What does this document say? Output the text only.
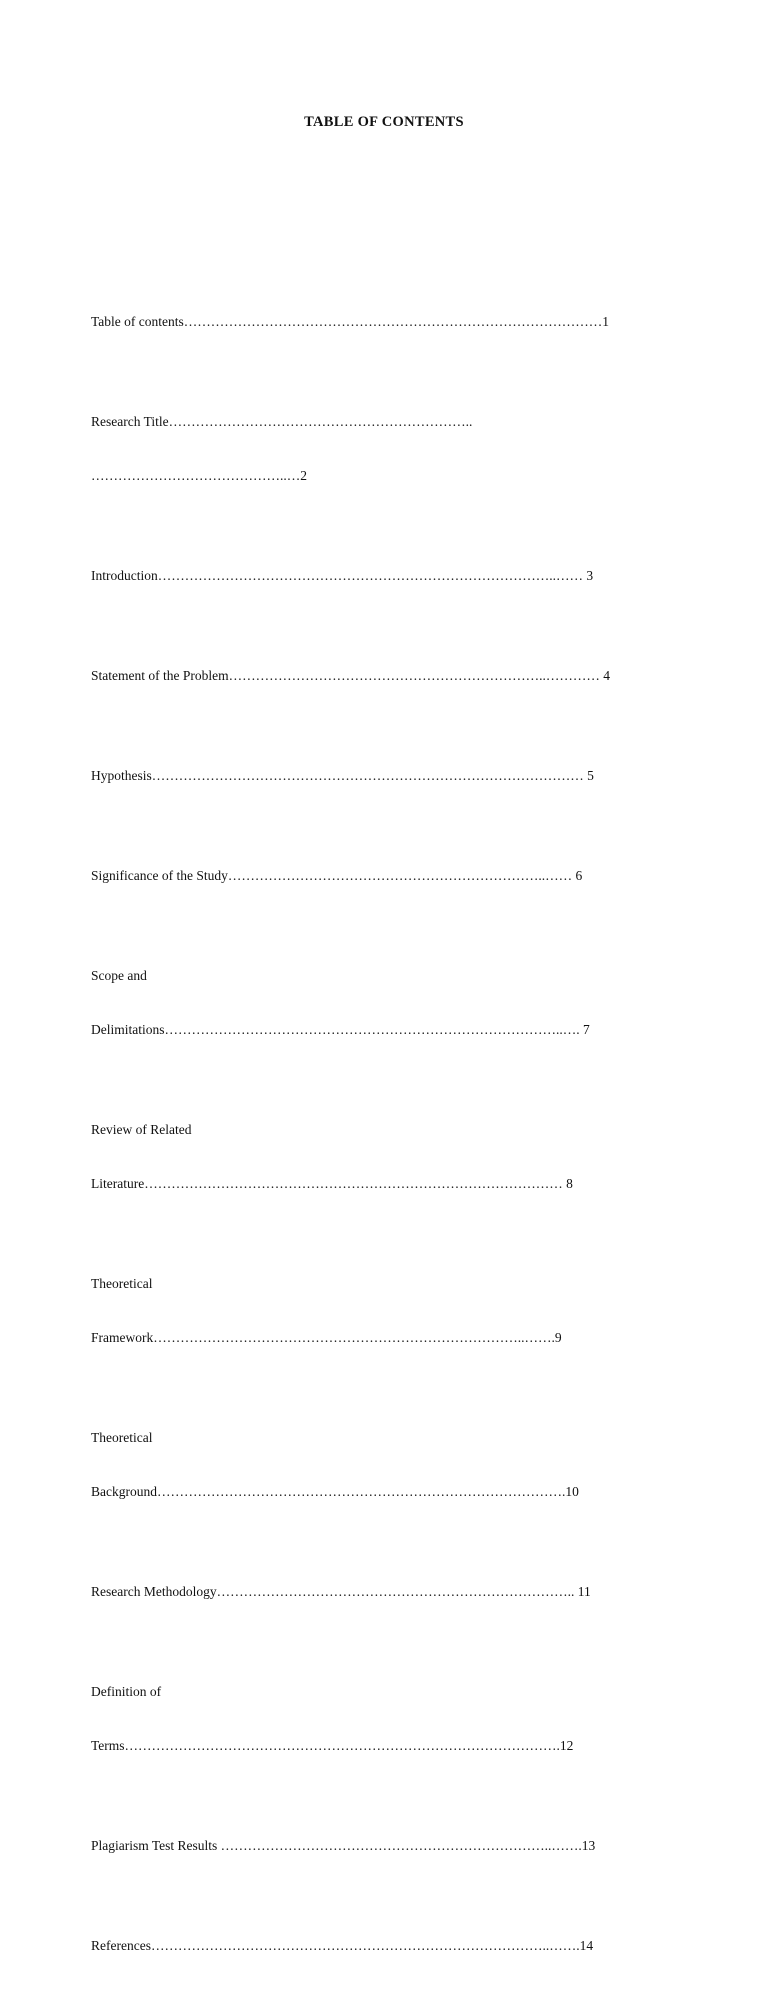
TABLE OF CONTENTS

Table of contents…………………………………………………………………………………1

Research Title…………………………………………………………..

……………………………………..…2

Introduction……………………………………………………………………………..…… 3

Statement of the Problem……………………………………………………………..………… 4

Hypothesis…………………………………………………………………………………… 5

Significance of the Study……………………………………………………………..…… 6

Scope and

Delimitations……………………………………………………………………………..…. 7

Review of Related

Literature………………………………………………………………………………… 8

Theoretical

Framework………………………………………………………………………..…….9

Theoretical

Background……………………………………………………………………………….10

Research Methodology…………………………………………………………………….. 11

Definition of

Terms…………………………………………………………………………………….12

Plagiarism Test Results ………………………………………………………………..…….13

References……………………………………………………………………………..…….14
